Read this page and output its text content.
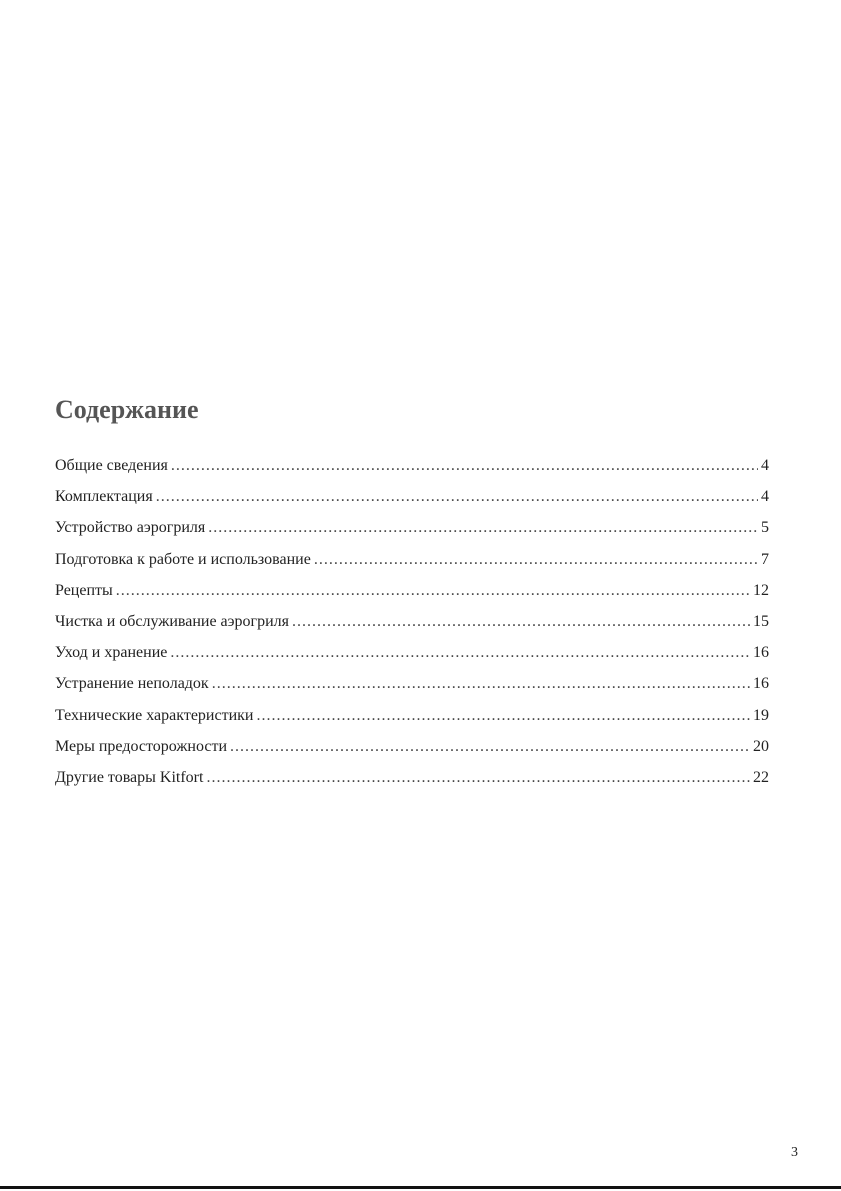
Содержание
Общие сведения .....	4
Комплектация .....	4
Устройство аэрогриля .....	5
Подготовка к работе и использование .....	7
Рецепты .....	12
Чистка и обслуживание аэрогриля .....	15
Уход и хранение .....	16
Устранение неполадок .....	16
Технические характеристики .....	19
Меры предосторожности .....	20
Другие товары Kitfort .....	22
3
